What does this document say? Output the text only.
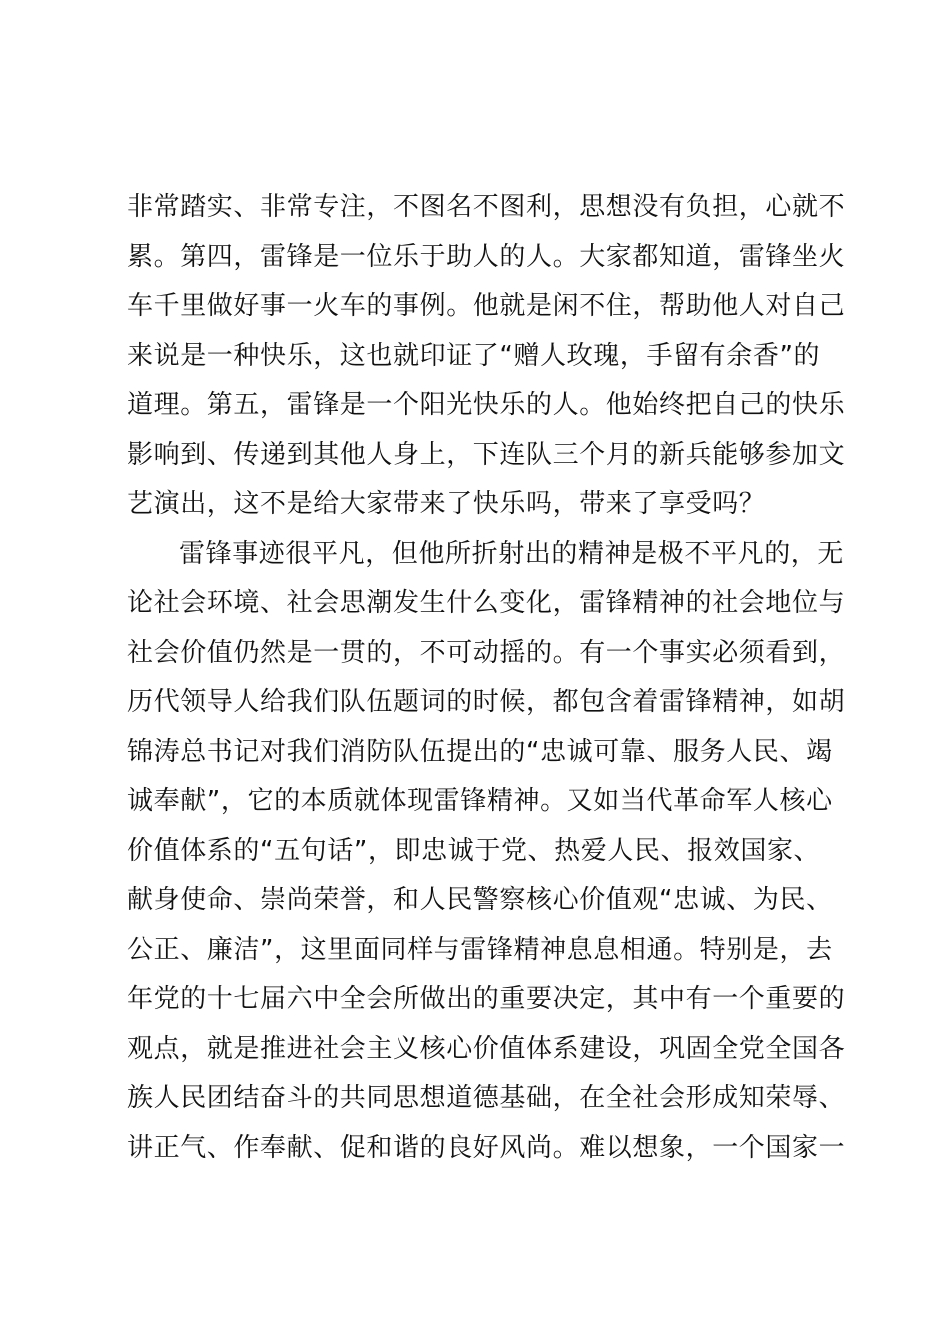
非常踏实、非常专注，不图名不图利，思想没有负担，心就不
累。第四，雷锋是一位乐于助人的人。大家都知道，雷锋坐火
车千里做好事一火车的事例。他就是闲不住，帮助他人对自己
来说是一种快乐，这也就印证了“赠人玫瑰，手留有余香”的
道理。第五，雷锋是一个阳光快乐的人。他始终把自己的快乐
影响到、传递到其他人身上，下连队三个月的新兵能够参加文
艺演出，这不是给大家带来了快乐吗，带来了享受吗？
雷锋事迹很平凡，但他所折射出的精神是极不平凡的，无
论社会环境、社会思潮发生什么变化，雷锋精神的社会地位与
社会价值仍然是一贯的，不可动摇的。有一个事实必须看到，
历代领导人给我们队伍题词的时候，都包含着雷锋精神，如胡
锦涛总书记对我们消防队伍提出的“忠诚可靠、服务人民、竭
诚奉献”，它的本质就体现雷锋精神。又如当代革命军人核心
价值体系的“五句话”，即忠诚于党、热爱人民、报效国家、
献身使命、崇尚荣誉，和人民警察核心价值观“忠诚、为民、
公正、廉洁”，这里面同样与雷锋精神息息相通。特别是，去
年党的十七届六中全会所做出的重要决定，其中有一个重要的
观点，就是推进社会主义核心价值体系建设，巩固全党全国各
族人民团结奋斗的共同思想道德基础，在全社会形成知荣辱、
讲正气、作奉献、促和谐的良好风尚。难以想象，一个国家一
